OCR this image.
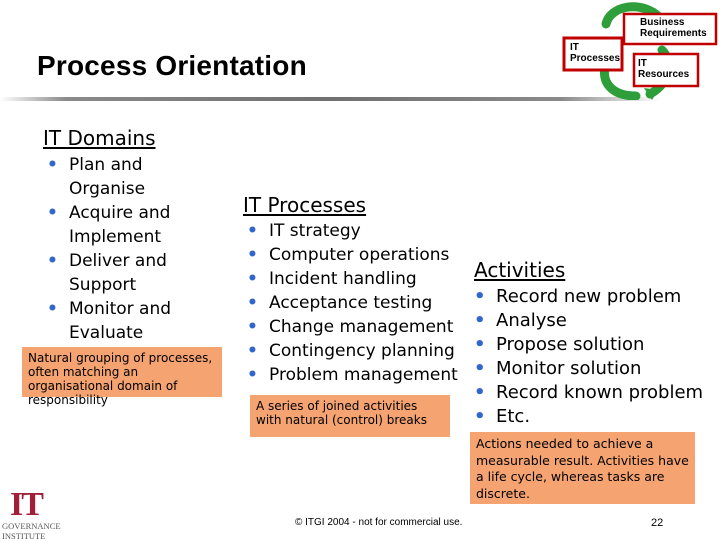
Process Orientation
IT
Processes
Business
Requirements
IT
Resources
IT Domains
• Plan and
Organise
• Acquire and
Implement
• Deliver and
Support
• Monitor and
Evaluate
Natural grouping of processes, often matching an organisational domain of responsibility
IT Processes
• IT strategy
• Computer operations
• Incident handling
• Acceptance testing
• Change management
• Contingency planning
• Problem management
A series of joined activities with natural (control) breaks
Activities
• Record new problem
• Analyse
• Propose solution
• Monitor solution
• Record known problem
• Etc.
Actions needed to achieve a measurable result. Activities have a life cycle, whereas tasks are discrete.
IT
GOVERNANCE
INSTITUTE
© ITGI 2004 - not for commercial use.	22
